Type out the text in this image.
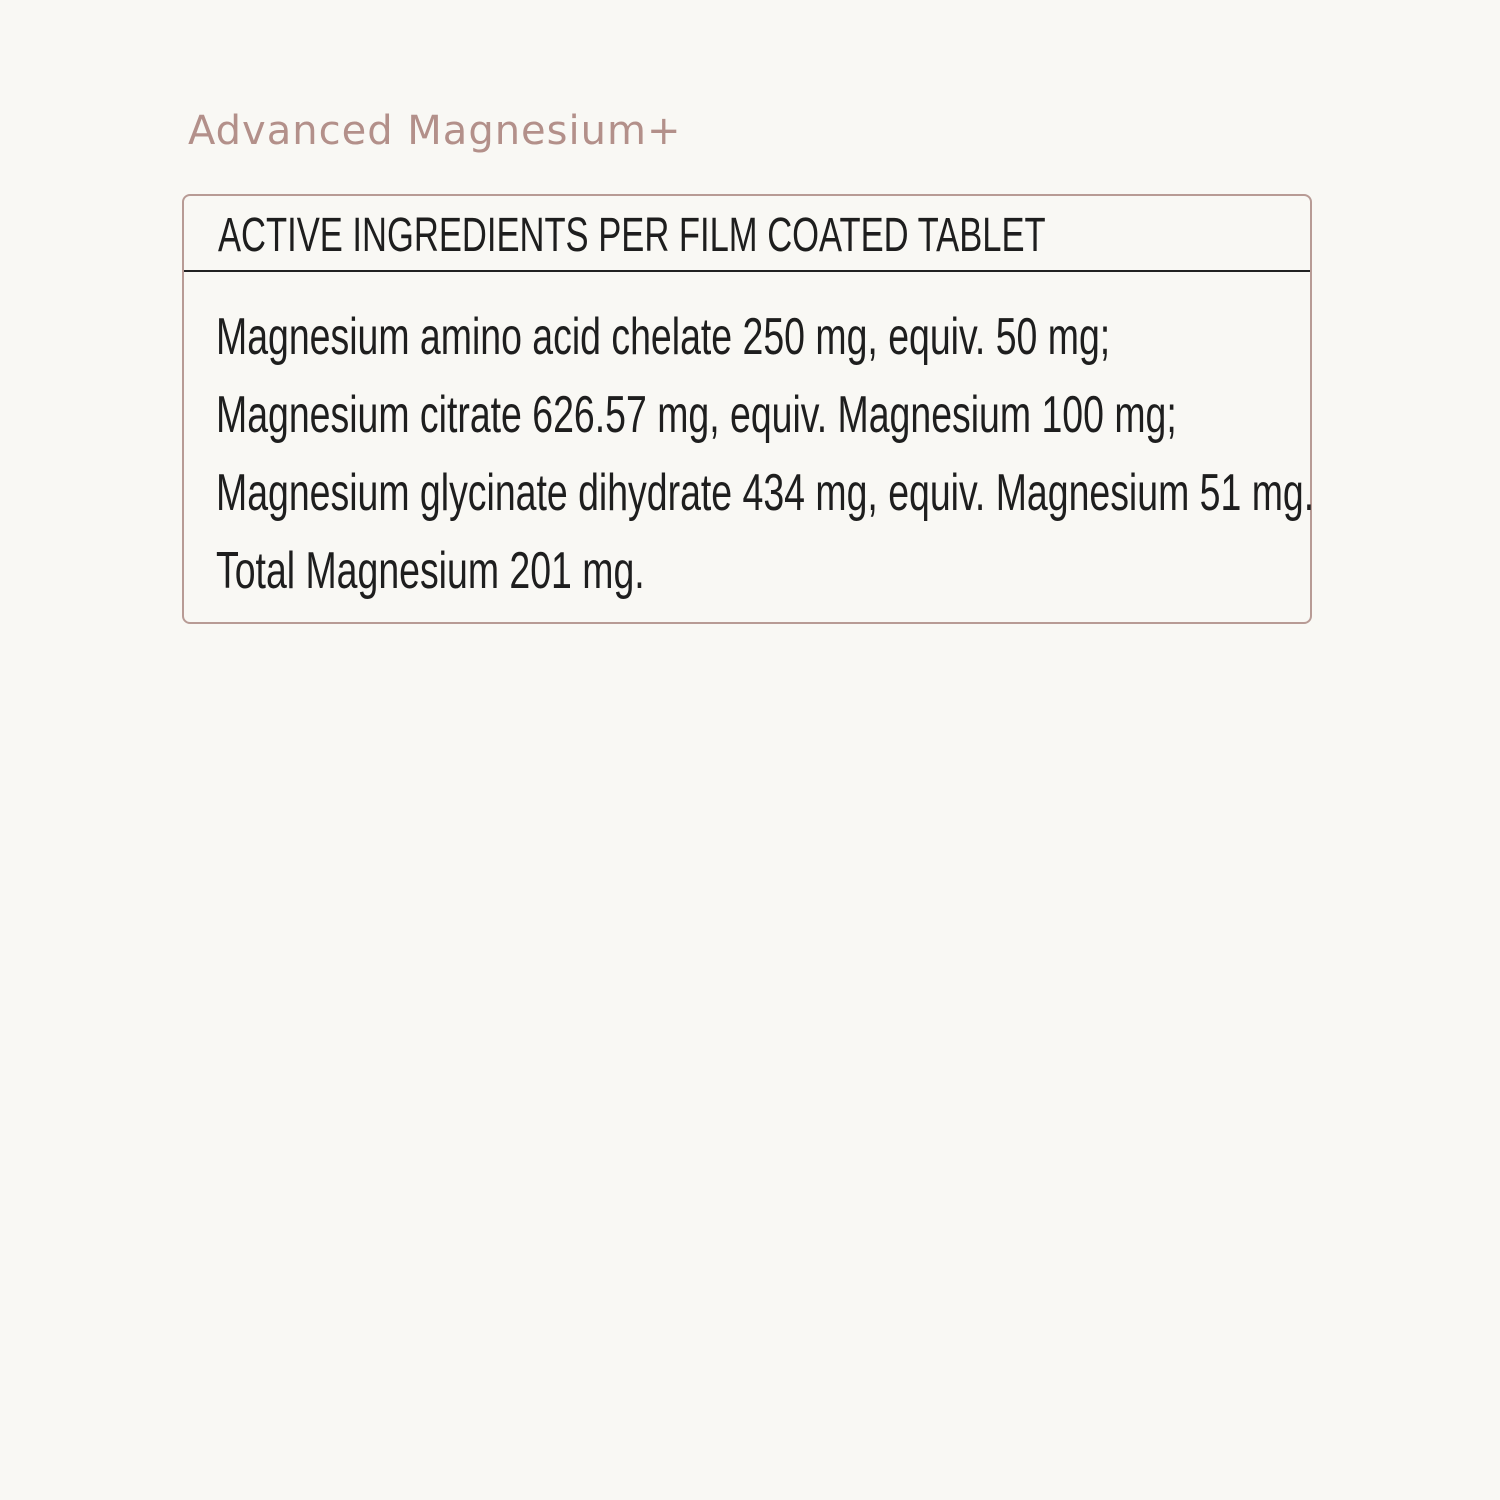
Advanced Magnesium+
ACTIVE INGREDIENTS PER FILM COATED TABLET
Magnesium amino acid chelate 250 mg, equiv. 50 mg;
Magnesium citrate 626.57 mg, equiv. Magnesium 100 mg;
Magnesium glycinate dihydrate 434 mg, equiv. Magnesium 51 mg.
Total Magnesium 201 mg.
